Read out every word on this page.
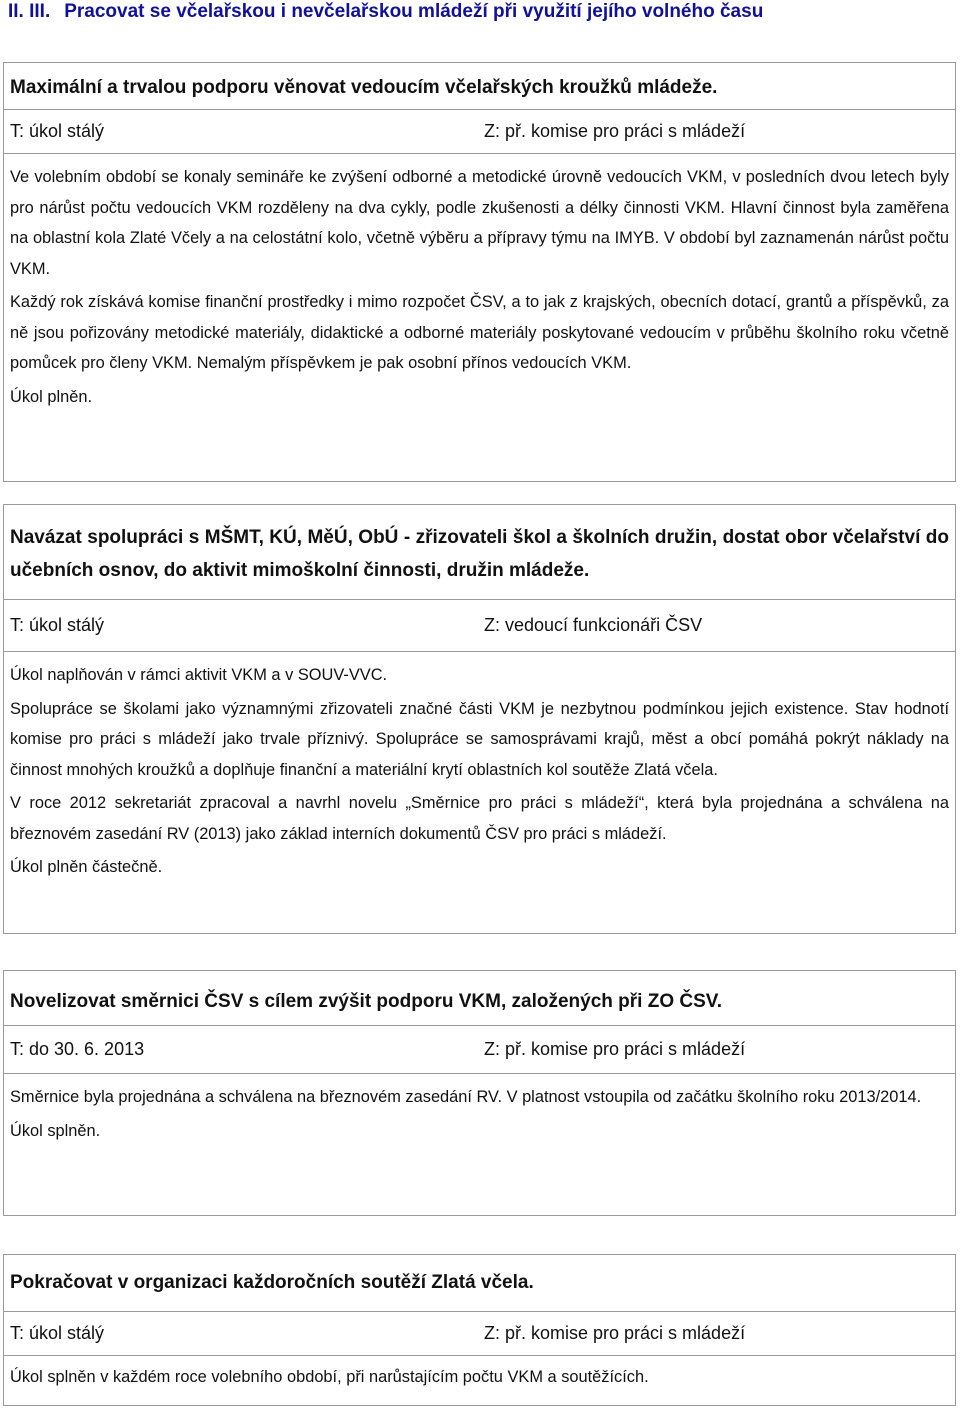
II. III. Pracovat se včelařskou i nevčelařskou mládeží při využití jejího volného času
Maximální a trvalou podporu věnovat vedoucím včelařských kroužků mládeže.
T: úkol stálý	Z: př. komise pro práci s mládeží

Ve volebním období se konaly semináře ke zvýšení odborné a metodické úrovně vedoucích VKM, v posledních dvou letech byly pro nárůst počtu vedoucích VKM rozděleny na dva cykly, podle zkušenosti a délky činnosti VKM. Hlavní činnost byla zaměřena na oblastní kola Zlaté Včely a na celostátní kolo, včetně výběru a přípravy týmu na IMYB. V období byl zaznamenán nárůst počtu VKM.

Každý rok získává komise finanční prostředky i mimo rozpočet ČSV, a to jak z krajských, obecních dotací, grantů a příspěvků, za ně jsou pořizovány metodické materiály, didaktické a odborné materiály poskytované vedoucím v průběhu školního roku včetně pomůcek pro členy VKM. Nemalým příspěvkem je pak osobní přínos vedoucích VKM.

Úkol plněn.

Navázat spolupráci s MŠMT, KÚ, MěÚ, ObÚ - zřizovateli škol a školních družin, dostat obor včelařství do učebních osnov, do aktivit mimoškolní činnosti, družin mládeže.
T: úkol stálý	Z: vedoucí funkcionáři ČSV

Úkol naplňován v rámci aktivit VKM a v SOUV-VVC.

Spolupráce se školami jako významnými zřizovateli značné části VKM je nezbytnou podmínkou jejich existence. Stav hodnotí komise pro práci s mládeží jako trvale příznivý. Spolupráce se samosprávami krajů, měst a obcí pomáhá pokrýt náklady na činnost mnohých kroužků a doplňuje finanční a materiální krytí oblastních kol soutěže Zlatá včela.

V roce 2012 sekretariát zpracoval a navrhl novelu „Směrnice pro práci s mládeží“, která byla projednána a schválena na březnovém zasedání RV (2013) jako základ interních dokumentů ČSV pro práci s mládeží.

Úkol plněn částečně.

Novelizovat směrnici ČSV s cílem zvýšit podporu VKM, založených při ZO ČSV.
T: do 30. 6. 2013	Z: př. komise pro práci s mládeží

Směrnice byla projednána a schválena na březnovém zasedání RV. V platnost vstoupila od začátku školního roku 2013/2014.

Úkol splněn.

Pokračovat v organizaci každoročních soutěží Zlatá včela.
T: úkol stálý	Z: př. komise pro práci s mládeží

Úkol splněn v každém roce volebního období, při narůstajícím počtu VKM a soutěžících.
